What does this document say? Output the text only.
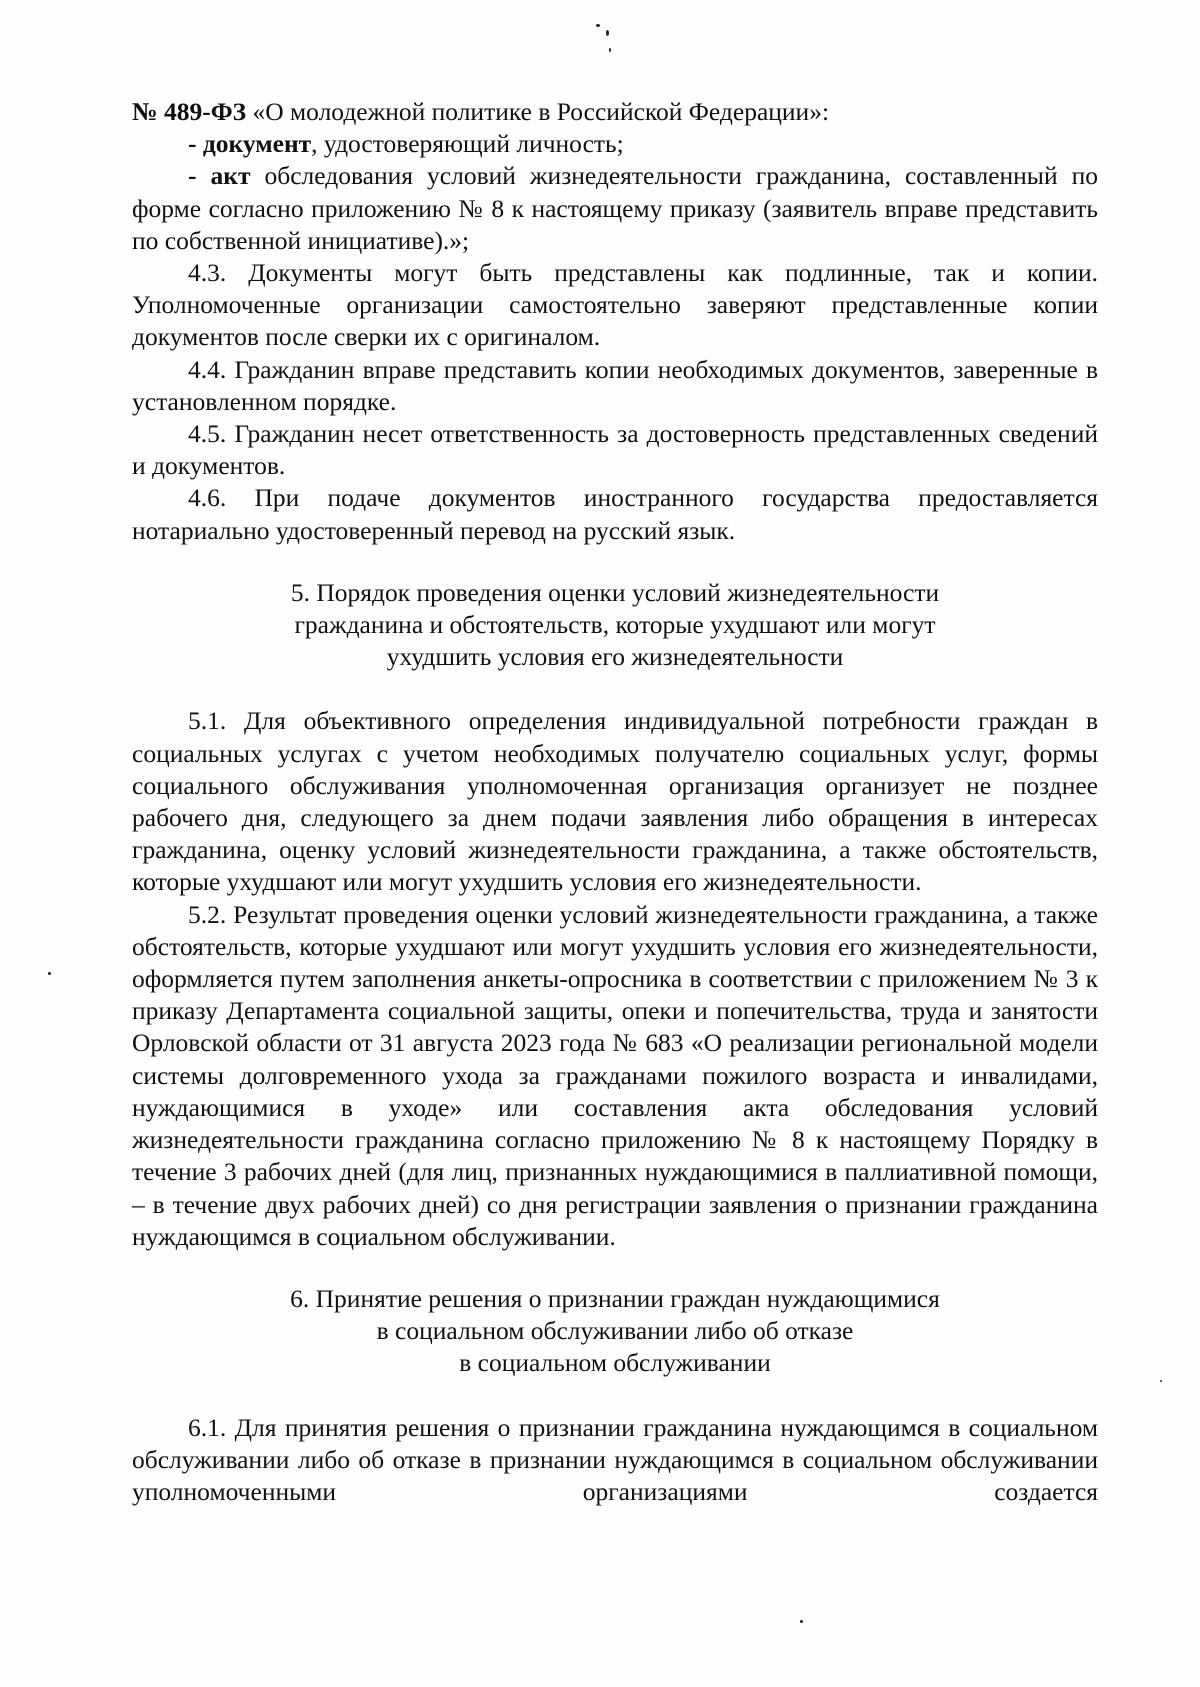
№ 489-ФЗ «О молодежной политике в Российской Федерации»:

- документ, удостоверяющий личность;

- акт обследования условий жизнедеятельности гражданина, составленный по форме согласно приложению № 8 к настоящему приказу (заявитель вправе представить по собственной инициативе).»;

4.3. Документы могут быть представлены как подлинные, так и копии. Уполномоченные организации самостоятельно заверяют представленные копии документов после сверки их с оригиналом.

4.4. Гражданин вправе представить копии необходимых документов, заверенные в установленном порядке.

4.5. Гражданин несет ответственность за достоверность представленных сведений и документов.

4.6. При подаче документов иностранного государства предоставляется нотариально удостоверенный перевод на русский язык.

5. Порядок проведения оценки условий жизнедеятельности
гражданина и обстоятельств, которые ухудшают или могут
ухудшить условия его жизнедеятельности

5.1. Для объективного определения индивидуальной потребности граждан в социальных услугах с учетом необходимых получателю социальных услуг, формы социального обслуживания уполномоченная организация организует не позднее рабочего дня, следующего за днем подачи заявления либо обращения в интересах гражданина, оценку условий жизнедеятельности гражданина, а также обстоятельств, которые ухудшают или могут ухудшить условия его жизнедеятельности.

5.2. Результат проведения оценки условий жизнедеятельности гражданина, а также обстоятельств, которые ухудшают или могут ухудшить условия его жизнедеятельности, оформляется путем заполнения анкеты-опросника в соответствии с приложением № 3 к приказу Департамента социальной защиты, опеки и попечительства, труда и занятости Орловской области от 31 августа 2023 года № 683 «О реализации региональной модели системы долговременного ухода за гражданами пожилого возраста и инвалидами, нуждающимися в уходе» или составления акта обследования условий жизнедеятельности гражданина согласно приложению № 8 к настоящему Порядку в течение 3 рабочих дней (для лиц, признанных нуждающимися в паллиативной помощи, – в течение двух рабочих дней) со дня регистрации заявления о признании гражданина нуждающимся в социальном обслуживании.

6. Принятие решения о признании граждан нуждающимися
в социальном обслуживании либо об отказе
в социальном обслуживании

6.1. Для принятия решения о признании гражданина нуждающимся в социальном обслуживании либо об отказе в признании нуждающимся в социальном обслуживании уполномоченными организациями создается
